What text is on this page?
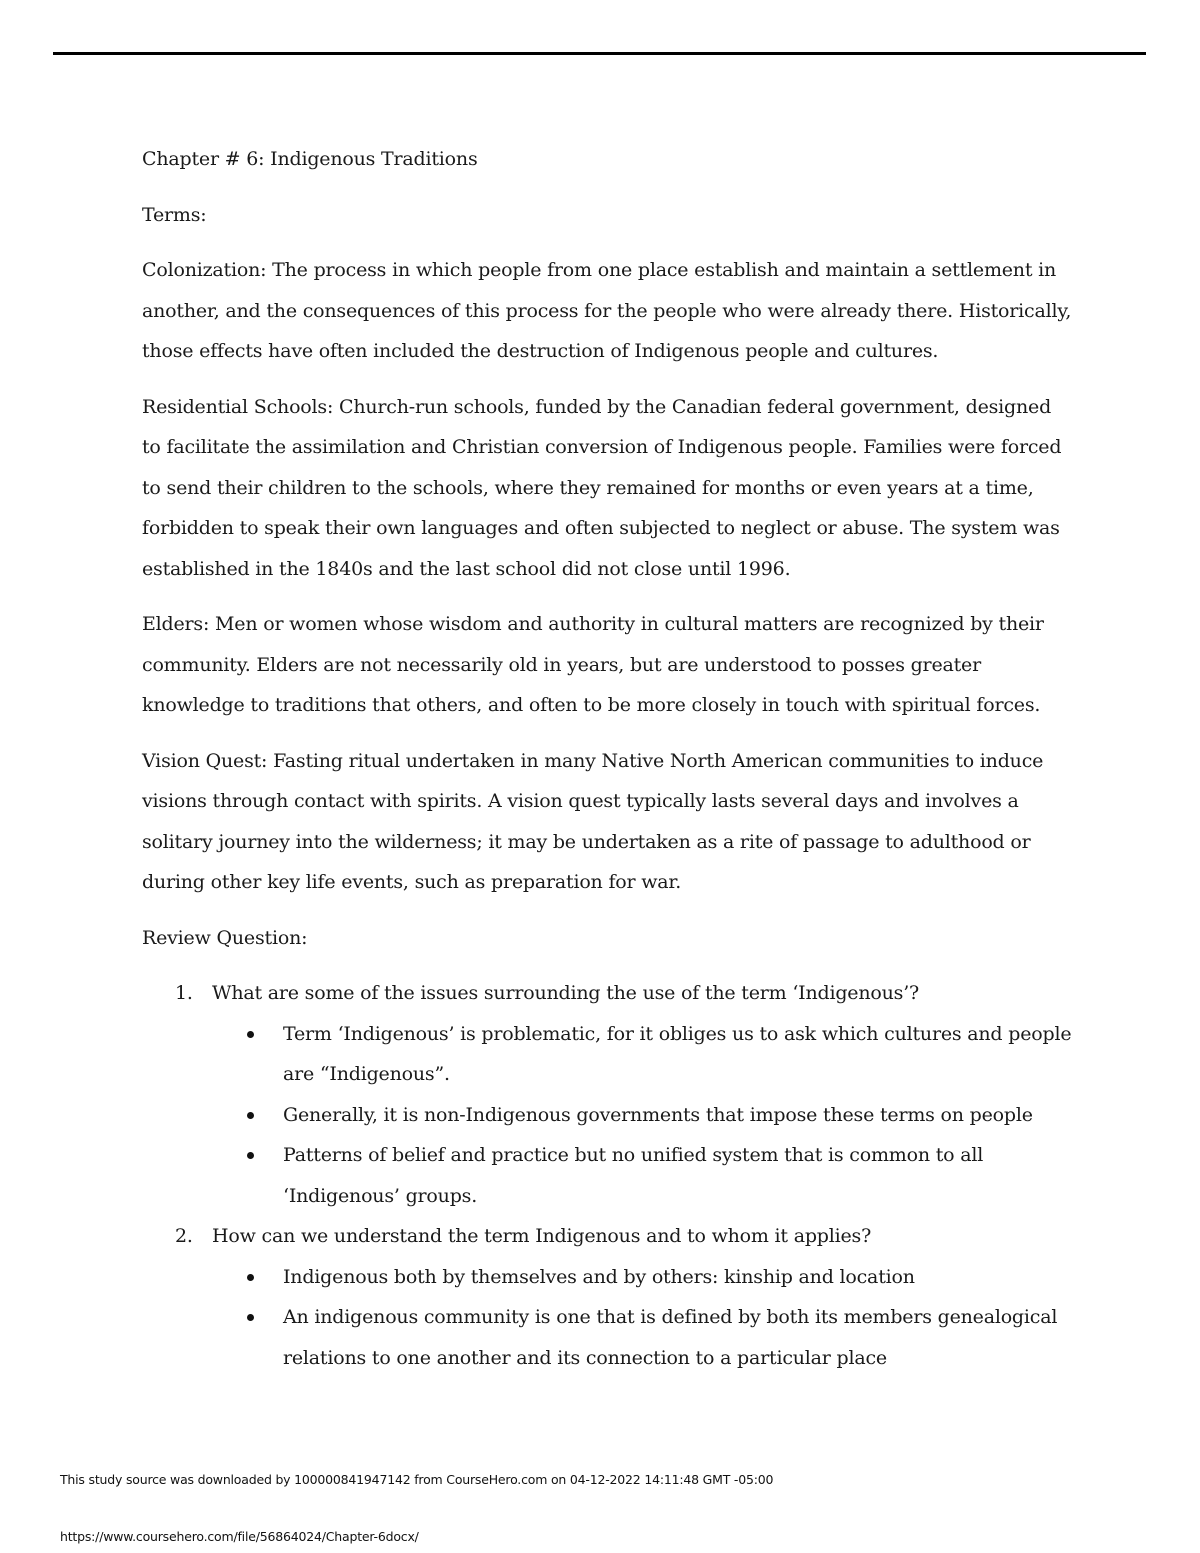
Chapter # 6: Indigenous Traditions

Terms:

Colonization: The process in which people from one place establish and maintain a settlement in another, and the consequences of this process for the people who were already there. Historically, those effects have often included the destruction of Indigenous people and cultures.

Residential Schools: Church-run schools, funded by the Canadian federal government, designed to facilitate the assimilation and Christian conversion of Indigenous people. Families were forced to send their children to the schools, where they remained for months or even years at a time, forbidden to speak their own languages and often subjected to neglect or abuse. The system was established in the 1840s and the last school did not close until 1996.

Elders: Men or women whose wisdom and authority in cultural matters are recognized by their community. Elders are not necessarily old in years, but are understood to posses greater knowledge to traditions that others, and often to be more closely in touch with spiritual forces.

Vision Quest: Fasting ritual undertaken in many Native North American communities to induce visions through contact with spirits. A vision quest typically lasts several days and involves a solitary journey into the wilderness; it may be undertaken as a rite of passage to adulthood or during other key life events, such as preparation for war.

Review Question:

1. What are some of the issues surrounding the use of the term ‘Indigenous’?
Term ‘Indigenous’ is problematic, for it obliges us to ask which cultures and people are “Indigenous”.
Generally, it is non-Indigenous governments that impose these terms on people
Patterns of belief and practice but no unified system that is common to all ‘Indigenous’ groups.
2. How can we understand the term Indigenous and to whom it applies?
Indigenous both by themselves and by others: kinship and location
An indigenous community is one that is defined by both its members genealogical relations to one another and its connection to a particular place
This study source was downloaded by 100000841947142 from CourseHero.com on 04-12-2022 14:11:48 GMT -05:00
https://www.coursehero.com/file/56864024/Chapter-6docx/
